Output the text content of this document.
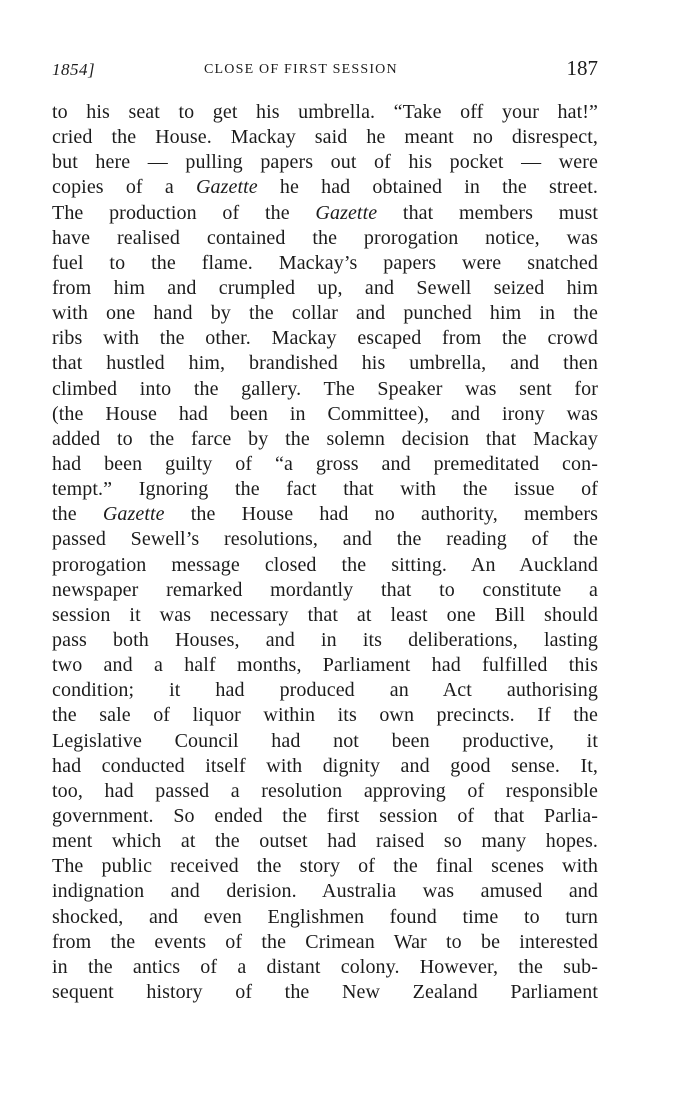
1854]	CLOSE OF FIRST SESSION	187
to his seat to get his umbrella. “Take off your hat!”
cried the House. Mackay said he meant no disrespect,
but here — pulling papers out of his pocket — were
copies of a Gazette he had obtained in the street.
The production of the Gazette that members must
have realised contained the prorogation notice, was
fuel to the flame. Mackay’s papers were snatched
from him and crumpled up, and Sewell seized him
with one hand by the collar and punched him in the
ribs with the other. Mackay escaped from the crowd
that hustled him, brandished his umbrella, and then
climbed into the gallery. The Speaker was sent for
(the House had been in Committee), and irony was
added to the farce by the solemn decision that Mackay
had been guilty of “a gross and premeditated con-
tempt.” Ignoring the fact that with the issue of
the Gazette the House had no authority, members
passed Sewell’s resolutions, and the reading of the
prorogation message closed the sitting. An Auckland
newspaper remarked mordantly that to constitute a
session it was necessary that at least one Bill should
pass both Houses, and in its deliberations, lasting
two and a half months, Parliament had fulfilled this
condition; it had produced an Act authorising
the sale of liquor within its own precincts. If the
Legislative Council had not been productive, it
had conducted itself with dignity and good sense. It,
too, had passed a resolution approving of responsible
government. So ended the first session of that Parlia-
ment which at the outset had raised so many hopes.
The public received the story of the final scenes with
indignation and derision. Australia was amused and
shocked, and even Englishmen found time to turn
from the events of the Crimean War to be interested
in the antics of a distant colony. However, the sub-
sequent history of the New Zealand Parliament
